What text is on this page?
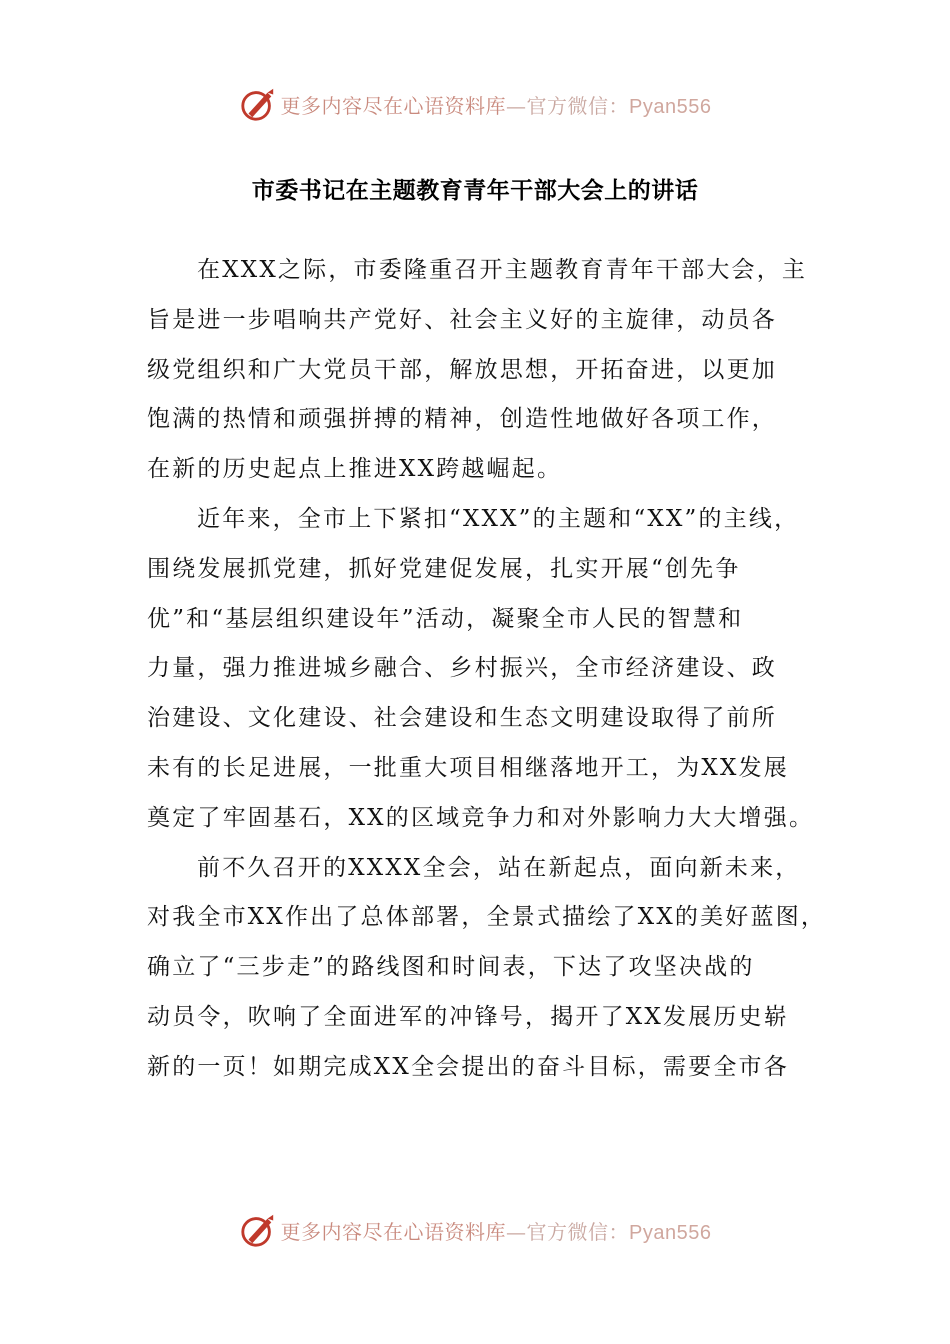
更多内容尽在心语资料库—官方微信：Pyan556
市委书记在主题教育青年干部大会上的讲话
在XXX之际，市委隆重召开主题教育青年干部大会，主
旨是进一步唱响共产党好、社会主义好的主旋律，动员各
级党组织和广大党员干部，解放思想，开拓奋进，以更加
饱满的热情和顽强拼搏的精神，创造性地做好各项工作，
在新的历史起点上推进XX跨越崛起。
近年来，全市上下紧扣“XXX”的主题和“XX”的主线，
围绕发展抓党建，抓好党建促发展，扎实开展“创先争
优”和“基层组织建设年”活动，凝聚全市人民的智慧和
力量，强力推进城乡融合、乡村振兴，全市经济建设、政
治建设、文化建设、社会建设和生态文明建设取得了前所
未有的长足进展，一批重大项目相继落地开工，为XX发展
奠定了牢固基石，XX的区域竞争力和对外影响力大大增强。
前不久召开的XXXX全会，站在新起点，面向新未来，
对我全市XX作出了总体部署，全景式描绘了XX的美好蓝图，
确立了“三步走”的路线图和时间表，下达了攻坚决战的
动员令，吹响了全面进军的冲锋号，揭开了XX发展历史崭
新的一页！如期完成XX全会提出的奋斗目标，需要全市各
更多内容尽在心语资料库—官方微信：Pyan556
